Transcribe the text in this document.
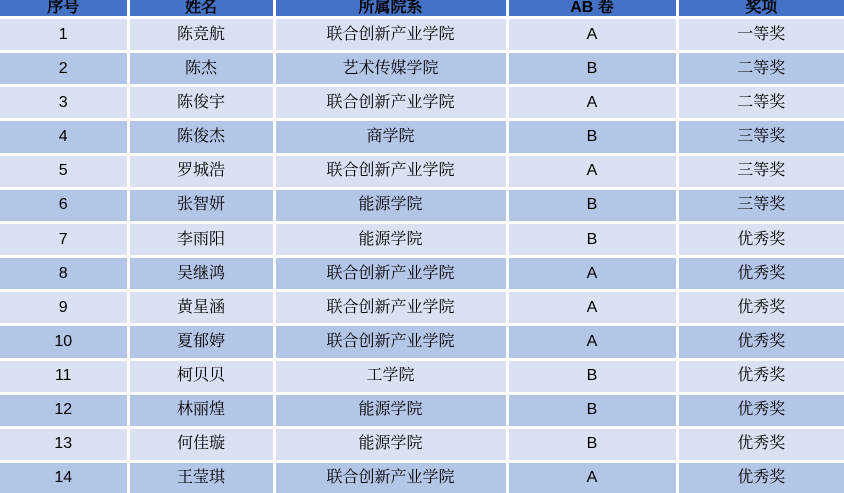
序号	姓名	所属院系	AB 卷	奖项
1	陈竞航	联合创新产业学院	A	一等奖
2	陈杰	艺术传媒学院	B	二等奖
3	陈俊宇	联合创新产业学院	A	二等奖
4	陈俊杰	商学院	B	三等奖
5	罗城浩	联合创新产业学院	A	三等奖
6	张智妍	能源学院	B	三等奖
7	李雨阳	能源学院	B	优秀奖
8	吴继鸿	联合创新产业学院	A	优秀奖
9	黄星涵	联合创新产业学院	A	优秀奖
10	夏郁婷	联合创新产业学院	A	优秀奖
11	柯贝贝	工学院	B	优秀奖
12	林丽煌	能源学院	B	优秀奖
13	何佳璇	能源学院	B	优秀奖
14	王莹琪	联合创新产业学院	A	优秀奖
